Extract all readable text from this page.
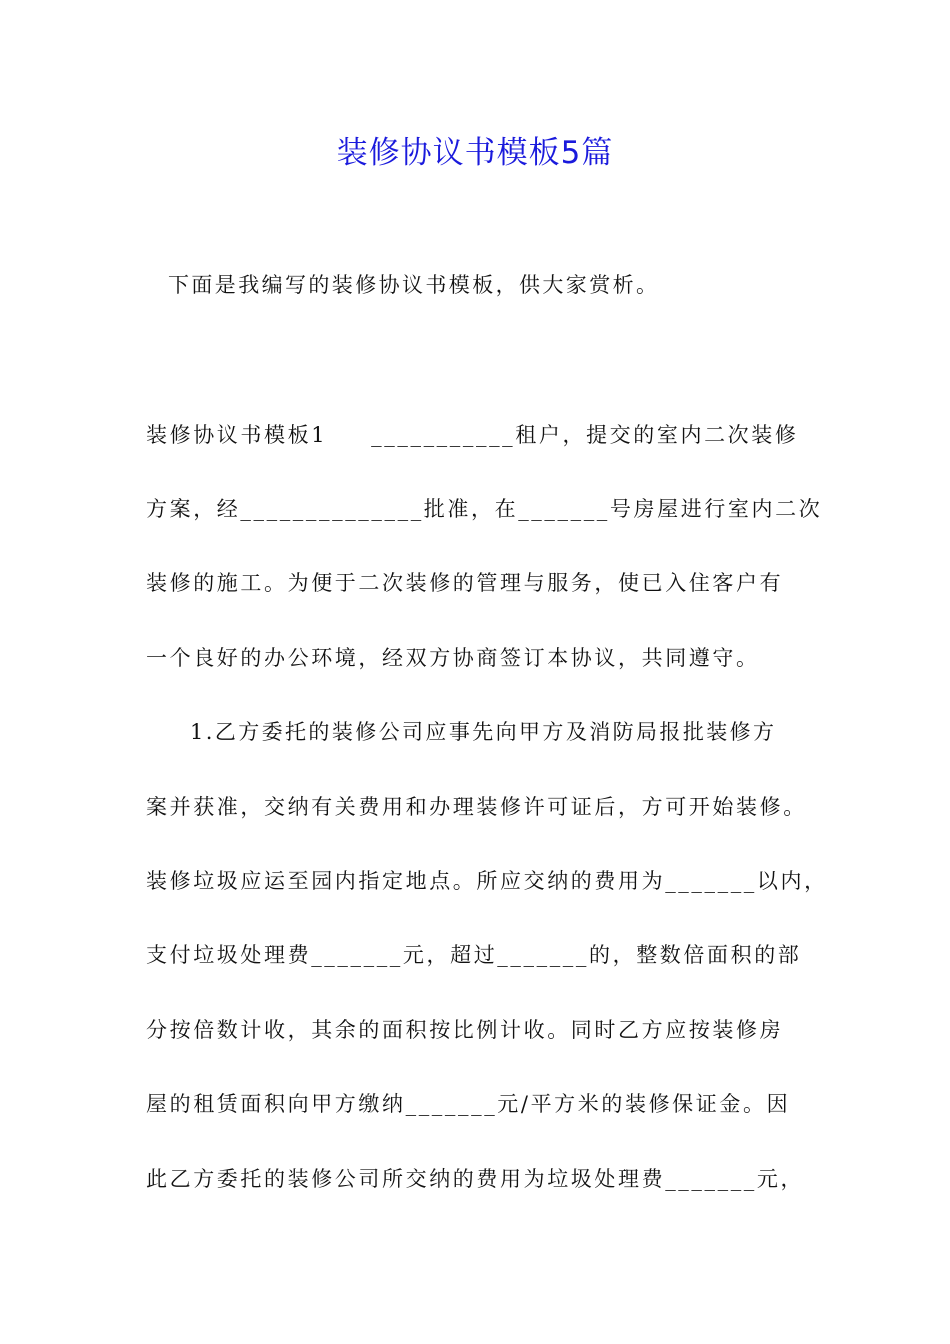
装修协议书模板5篇
下面是我编写的装修协议书模板，供大家赏析。
装修协议书模板1 ___________租户，提交的室内二次装修
方案，经______________批准，在_______号房屋进行室内二次
装修的施工。为便于二次装修的管理与服务，使已入住客户有
一个良好的办公环境，经双方协商签订本协议，共同遵守。
1.乙方委托的装修公司应事先向甲方及消防局报批装修方
案并获准，交纳有关费用和办理装修许可证后，方可开始装修。
装修垃圾应运至园内指定地点。所应交纳的费用为_______以内，
支付垃圾处理费_______元，超过_______的，整数倍面积的部
分按倍数计收，其余的面积按比例计收。同时乙方应按装修房
屋的租赁面积向甲方缴纳_______元/平方米的装修保证金。因
此乙方委托的装修公司所交纳的费用为垃圾处理费_______元，
